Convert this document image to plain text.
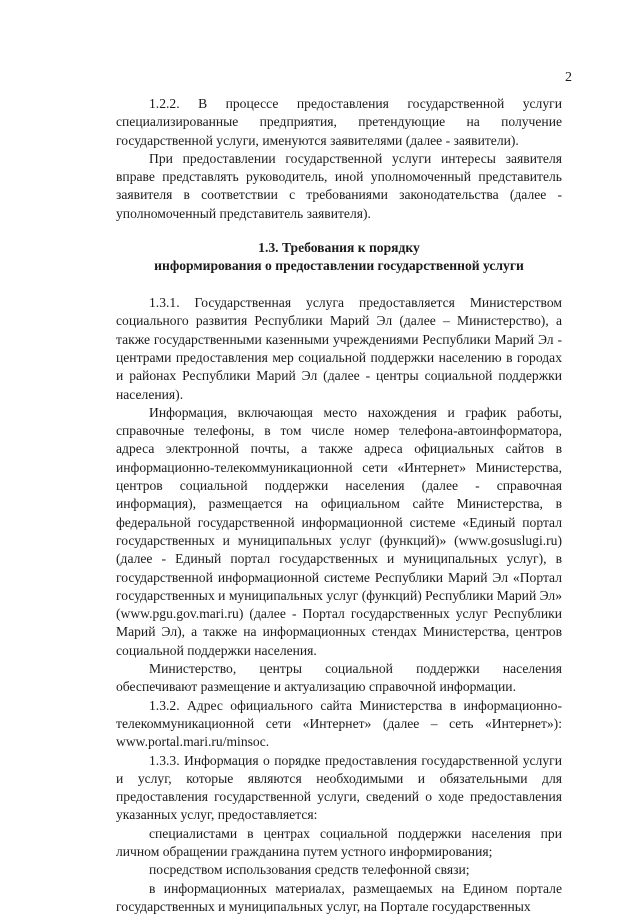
2

1.2.2. В процессе предоставления государственной услуги специализированные предприятия, претендующие на получение государственной услуги, именуются заявителями (далее - заявители).

При предоставлении государственной услуги интересы заявителя вправе представлять руководитель, иной уполномоченный представитель заявителя в соответствии с требованиями законодательства (далее - уполномоченный представитель заявителя).

1.3. Требования к порядку
информирования о предоставлении государственной услуги

1.3.1. Государственная услуга предоставляется Министерством социального развития Республики Марий Эл (далее – Министерство), а также государственными казенными учреждениями Республики Марий Эл - центрами предоставления мер социальной поддержки населению в городах и районах Республики Марий Эл (далее - центры социальной поддержки населения).

Информация, включающая место нахождения и график работы, справочные телефоны, в том числе номер телефона-автоинформатора, адреса электронной почты, а также адреса официальных сайтов в информационно-телекоммуникационной сети «Интернет» Министерства, центров социальной поддержки населения (далее - справочная информация), размещается на официальном сайте Министерства, в федеральной государственной информационной системе «Единый портал государственных и муниципальных услуг (функций)» (www.gosuslugi.ru) (далее - Единый портал государственных и муниципальных услуг), в государственной информационной системе Республики Марий Эл «Портал государственных и муниципальных услуг (функций) Республики Марий Эл» (www.pgu.gov.mari.ru) (далее - Портал государственных услуг Республики Марий Эл), а также на информационных стендах Министерства, центров социальной поддержки населения.

Министерство, центры социальной поддержки населения обеспечивают размещение и актуализацию справочной информации.

1.3.2. Адрес официального сайта Министерства в информационно-телекоммуникационной сети «Интернет» (далее – сеть «Интернет»): www.portal.mari.ru/minsoc.

1.3.3. Информация о порядке предоставления государственной услуги и услуг, которые являются необходимыми и обязательными для предоставления государственной услуги, сведений о ходе предоставления указанных услуг, предоставляется:

специалистами в центрах социальной поддержки населения при личном обращении гражданина путем устного информирования;

посредством использования средств телефонной связи;

в информационных материалах, размещаемых на Едином портале государственных и муниципальных услуг, на Портале государственных
